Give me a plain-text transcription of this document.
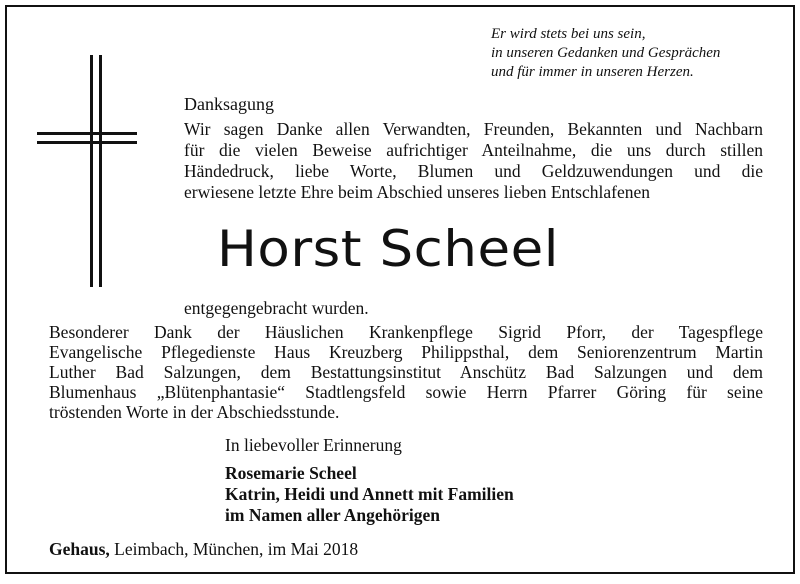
Er wird stets bei uns sein,
in unseren Gedanken und Gesprächen
und für immer in unseren Herzen.
Danksagung
Wir sagen Danke allen Verwandten, Freunden, Bekannten und Nachbarn
für die vielen Beweise aufrichtiger Anteilnahme, die uns durch stillen
Händedruck, liebe Worte, Blumen und Geldzuwendungen und die
erwiesene letzte Ehre beim Abschied unseres lieben Entschlafenen
Horst Scheel
entgegengebracht wurden.
Besonderer Dank der Häuslichen Krankenpflege Sigrid Pforr, der Tagespflege
Evangelische Pflegedienste Haus Kreuzberg Philippsthal, dem Seniorenzentrum Martin
Luther Bad Salzungen, dem Bestattungsinstitut Anschütz Bad Salzungen und dem
Blumenhaus „Blütenphantasie“ Stadtlengsfeld sowie Herrn Pfarrer Göring für seine
tröstenden Worte in der Abschiedsstunde.
In liebevoller Erinnerung
Rosemarie Scheel
Katrin, Heidi und Annett mit Familien
im Namen aller Angehörigen
Gehaus, Leimbach, München, im Mai 2018
